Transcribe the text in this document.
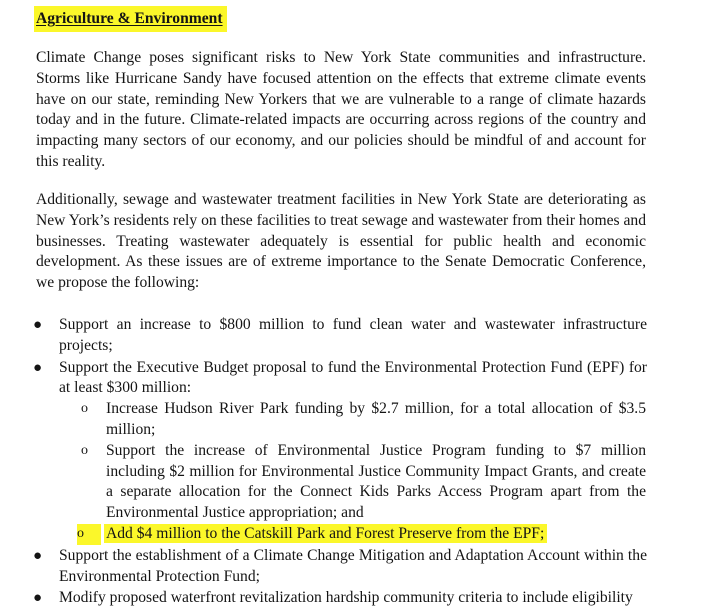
Agriculture & Environment

Climate Change poses significant risks to New York State communities and infrastructure. Storms like Hurricane Sandy have focused attention on the effects that extreme climate events have on our state, reminding New Yorkers that we are vulnerable to a range of climate hazards today and in the future. Climate-related impacts are occurring across regions of the country and impacting many sectors of our economy, and our policies should be mindful of and account for this reality.

Additionally, sewage and wastewater treatment facilities in New York State are deteriorating as New York’s residents rely on these facilities to treat sewage and wastewater from their homes and businesses. Treating wastewater adequately is essential for public health and economic development. As these issues are of extreme importance to the Senate Democratic Conference, we propose the following:

●	Support an increase to $800 million to fund clean water and wastewater infrastructure projects;
●	Support the Executive Budget proposal to fund the Environmental Protection Fund (EPF) for at least $300 million:
o	Increase Hudson River Park funding by $2.7 million, for a total allocation of $3.5 million;
o	Support the increase of Environmental Justice Program funding to $7 million including $2 million for Environmental Justice Community Impact Grants, and create a separate allocation for the Connect Kids Parks Access Program apart from the Environmental Justice appropriation; and
o	Add $4 million to the Catskill Park and Forest Preserve from the EPF;
●	Support the establishment of a Climate Change Mitigation and Adaptation Account within the Environmental Protection Fund;
●	Modify proposed waterfront revitalization hardship community criteria to include eligibility
